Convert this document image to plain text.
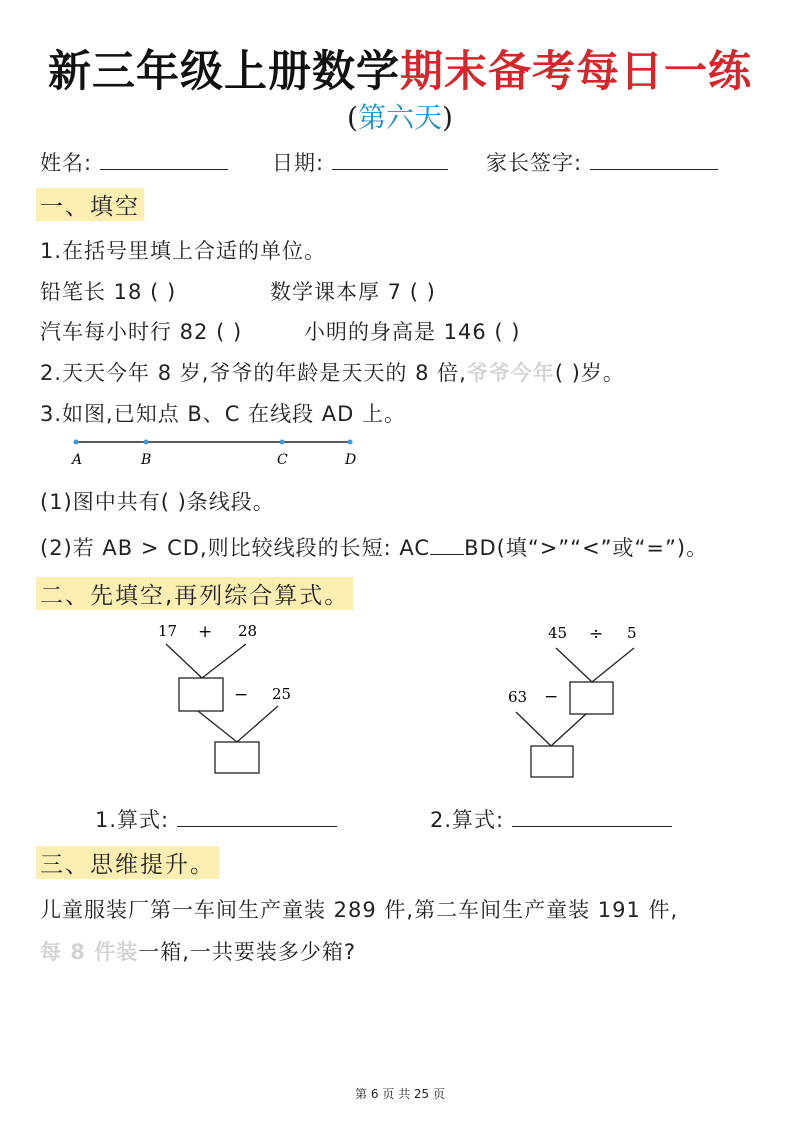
新三年级上册数学期末备考每日一练
(第六天)
姓名:	日期:	家长签字:
一、填空
1.在括号里填上合适的单位。
铅笔长 18 ( )	数学课本厚 7 ( )
汽车每小时行 82 ( )	小明的身高是 146 ( )
2.天天今年 8 岁,爷爷的年龄是天天的 8 倍,爷爷今年( )岁。
3.如图,已知点 B、C 在线段 AD 上。
A	B	C	D
(1)图中共有( )条线段。
(2)若 AB > CD,则比较线段的长短: AC BD(填“>”“<”或“=”)。
二、先填空,再列综合算式。
17 + 28
− 25
45 ÷ 5
63 −
1.算式:	2.算式:
三、思维提升。
儿童服装厂第一车间生产童装 289 件,第二车间生产童装 191 件,
每 8 件装一箱,一共要装多少箱?
第 6 页 共 25 页
